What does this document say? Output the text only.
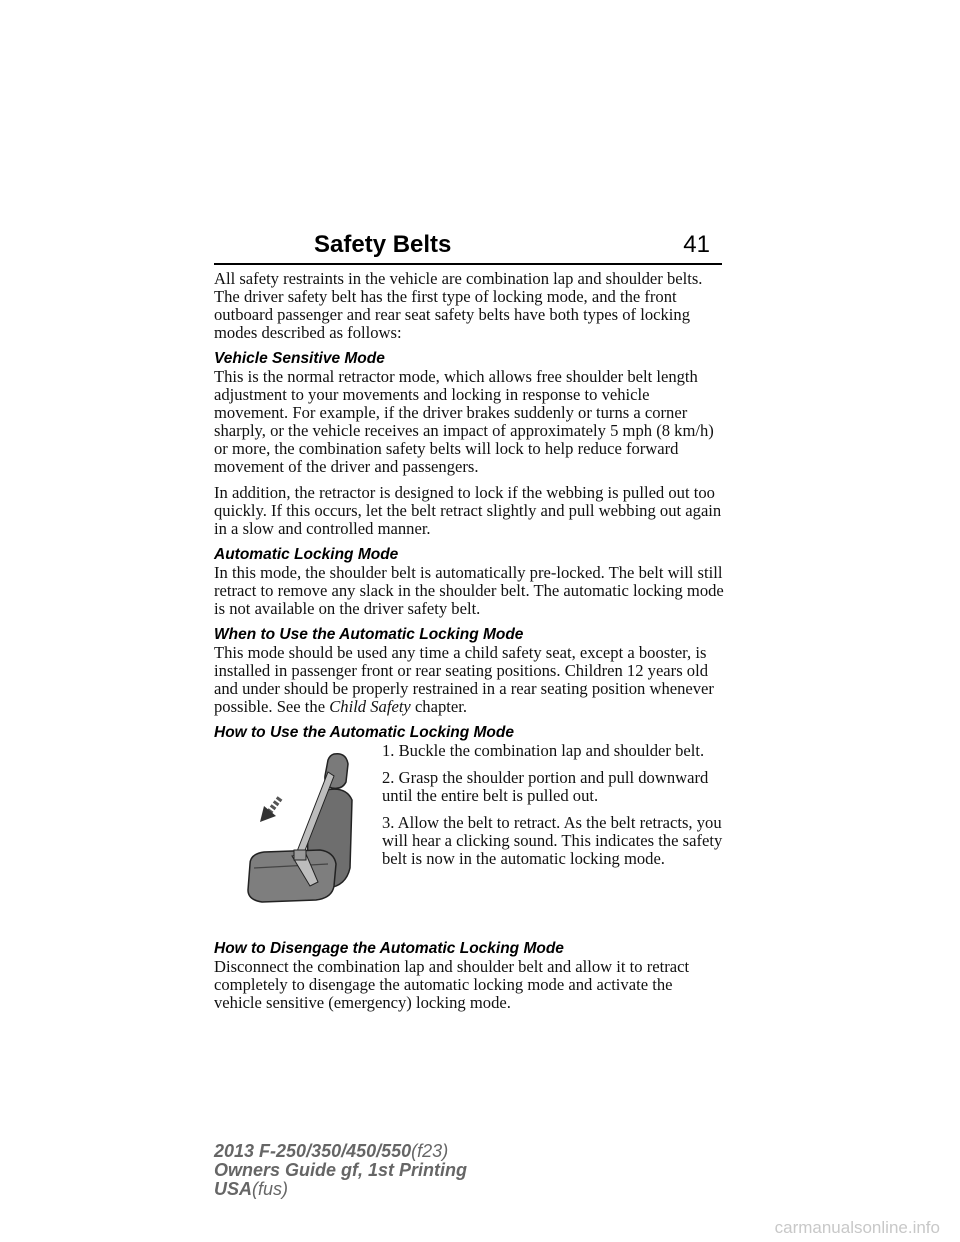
Safety Belts	41

All safety restraints in the vehicle are combination lap and shoulder belts. The driver safety belt has the first type of locking mode, and the front outboard passenger and rear seat safety belts have both types of locking modes described as follows:

Vehicle Sensitive Mode

This is the normal retractor mode, which allows free shoulder belt length adjustment to your movements and locking in response to vehicle movement. For example, if the driver brakes suddenly or turns a corner sharply, or the vehicle receives an impact of approximately 5 mph (8 km/h) or more, the combination safety belts will lock to help reduce forward movement of the driver and passengers.

In addition, the retractor is designed to lock if the webbing is pulled out too quickly. If this occurs, let the belt retract slightly and pull webbing out again in a slow and controlled manner.

Automatic Locking Mode

In this mode, the shoulder belt is automatically pre-locked. The belt will still retract to remove any slack in the shoulder belt. The automatic locking mode is not available on the driver safety belt.

When to Use the Automatic Locking Mode

This mode should be used any time a child safety seat, except a booster, is installed in passenger front or rear seating positions. Children 12 years old and under should be properly restrained in a rear seating position whenever possible. See the Child Safety chapter.

How to Use the Automatic Locking Mode

1. Buckle the combination lap and shoulder belt.

2. Grasp the shoulder portion and pull downward until the entire belt is pulled out.

3. Allow the belt to retract. As the belt retracts, you will hear a clicking sound. This indicates the safety belt is now in the automatic locking mode.

How to Disengage the Automatic Locking Mode

Disconnect the combination lap and shoulder belt and allow it to retract completely to disengage the automatic locking mode and activate the vehicle sensitive (emergency) locking mode.

2013 F-250/350/450/550(f23)
Owners Guide gf, 1st Printing
USA(fus)
carmanualsonline.info
